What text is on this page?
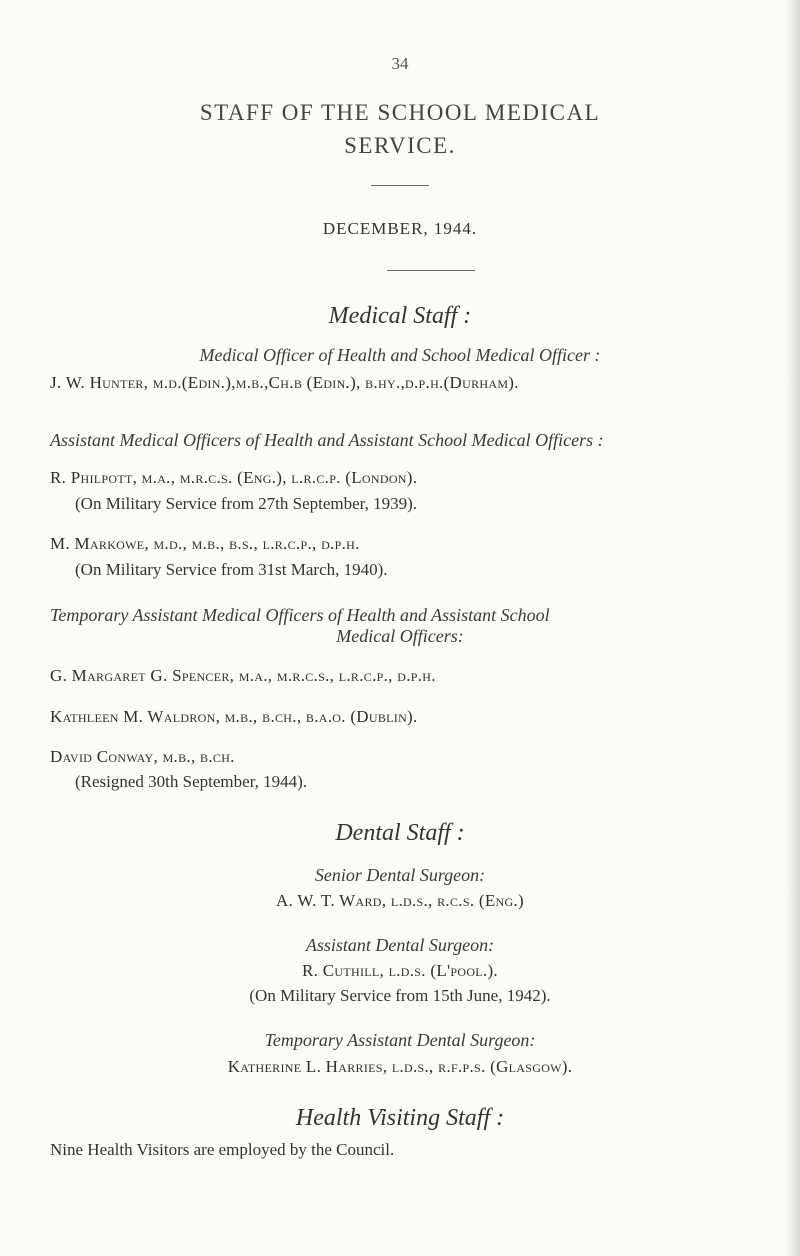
34
STAFF OF THE SCHOOL MEDICAL
SERVICE.
DECEMBER, 1944.
Medical Staff :
Medical Officer of Health and School Medical Officer :
J. W. Hunter, m.d.(Edin.),m.b.,Ch.b (Edin.), b.hy.,d.p.h.(Durham).
Assistant Medical Officers of Health and Assistant School Medical Officers :
R. Philpott, m.a., m.r.c.s. (Eng.), l.r.c.p. (London).
(On Military Service from 27th September, 1939).
M. Markowe, m.d., m.b., b.s., l.r.c.p., d.p.h.
(On Military Service from 31st March, 1940).
Temporary Assistant Medical Officers of Health and Assistant School
Medical Officers:
G. Margaret G. Spencer, m.a., m.r.c.s., l.r.c.p., d.p.h.
Kathleen M. Waldron, m.b., b.ch., b.a.o. (Dublin).
David Conway, m.b., b.ch.
(Resigned 30th September, 1944).
Dental Staff :
Senior Dental Surgeon:
A. W. T. Ward, l.d.s., r.c.s. (Eng.)
Assistant Dental Surgeon:
R. Cuthill, l.d.s. (L'pool.).
(On Military Service from 15th June, 1942).
Temporary Assistant Dental Surgeon:
Katherine L. Harries, l.d.s., r.f.p.s. (Glasgow).
Health Visiting Staff :
Nine Health Visitors are employed by the Council.
